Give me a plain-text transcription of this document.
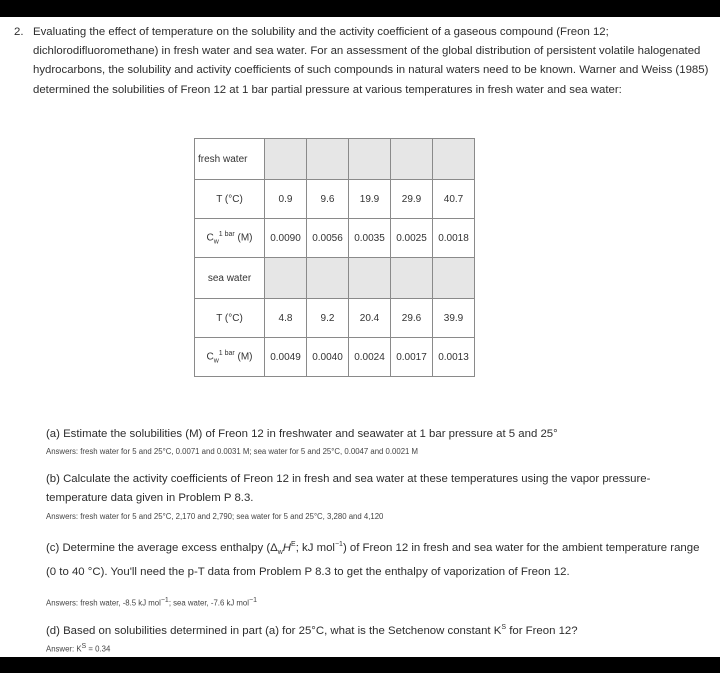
2. Evaluating the effect of temperature on the solubility and the activity coefficient of a gaseous compound (Freon 12; dichlorodifluoromethane) in fresh water and sea water. For an assessment of the global distribution of persistent volatile halogenated hydrocarbons, the solubility and activity coefficients of such compounds in natural waters need to be known. Warner and Weiss (1985) determined the solubilities of Freon 12 at 1 bar partial pressure at various temperatures in fresh water and sea water:
fresh water					
T (°C)	0.9	9.6	19.9	29.9	40.7
$C_w^{1 bar}$ (M)	0.0090	0.0056	0.0035	0.0025	0.0018
sea water					
T (°C)	4.8	9.2	20.4	29.6	39.9
$C_w^{1 bar}$ (M)	0.0049	0.0040	0.0024	0.0017	0.0013
(a) Estimate the solubilities (M) of Freon 12 in freshwater and seawater at 1 bar pressure at 5 and 25°
Answers: fresh water for 5 and 25°C, 0.0071 and 0.0031 M; sea water for 5 and 25°C, 0.0047 and 0.0021 M
(b) Calculate the activity coefficients of Freon 12 in fresh and sea water at these temperatures using the vapor pressure-temperature data given in Problem P 8.3.
Answers: fresh water for 5 and 25°C, 2,170 and 2,790; sea water for 5 and 25°C, 3,280 and 4,120
(c) Determine the average excess enthalpy ($\Delta_wH^E$; kJ mol$^{-1}$) of Freon 12 in fresh and sea water for the ambient temperature range (0 to 40 °C). You'll need the p-T data from Problem P 8.3 to get the enthalpy of vaporization of Freon 12.
Answers: fresh water, -8.5 kJ mol−1; sea water, -7.6 kJ mol−1
(d) Based on solubilities determined in part (a) for 25°C, what is the Setchenow constant $K^S$ for Freon 12?
Answer: KS = 0.34
